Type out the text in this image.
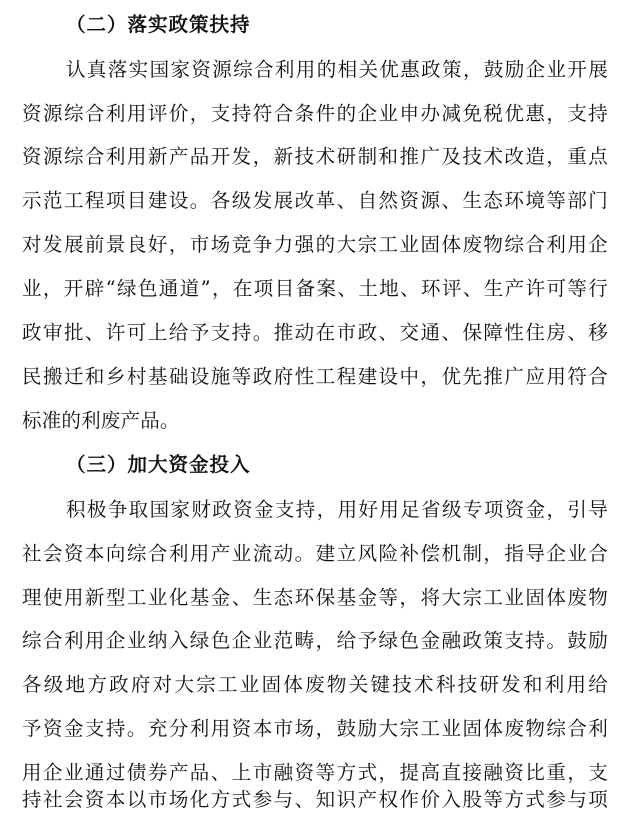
（二）落实政策扶持
认真落实国家资源综合利用的相关优惠政策，鼓励企业开展
资源综合利用评价，支持符合条件的企业申办减免税优惠，支持
资源综合利用新产品开发，新技术研制和推广及技术改造，重点
示范工程项目建设。各级发展改革、自然资源、生态环境等部门
对发展前景良好，市场竞争力强的大宗工业固体废物综合利用企
业，开辟“绿色通道”，在项目备案、土地、环评、生产许可等行
政审批、许可上给予支持。推动在市政、交通、保障性住房、移
民搬迁和乡村基础设施等政府性工程建设中，优先推广应用符合
标准的利废产品。
（三）加大资金投入
积极争取国家财政资金支持，用好用足省级专项资金，引导
社会资本向综合利用产业流动。建立风险补偿机制，指导企业合
理使用新型工业化基金、生态环保基金等，将大宗工业固体废物
综合利用企业纳入绿色企业范畴，给予绿色金融政策支持。鼓励
各级地方政府对大宗工业固体废物关键技术科技研发和利用给
予资金支持。充分利用资本市场，鼓励大宗工业固体废物综合利
用企业通过债券产品、上市融资等方式，提高直接融资比重，支
持社会资本以市场化方式参与、知识产权作价入股等方式参与项
